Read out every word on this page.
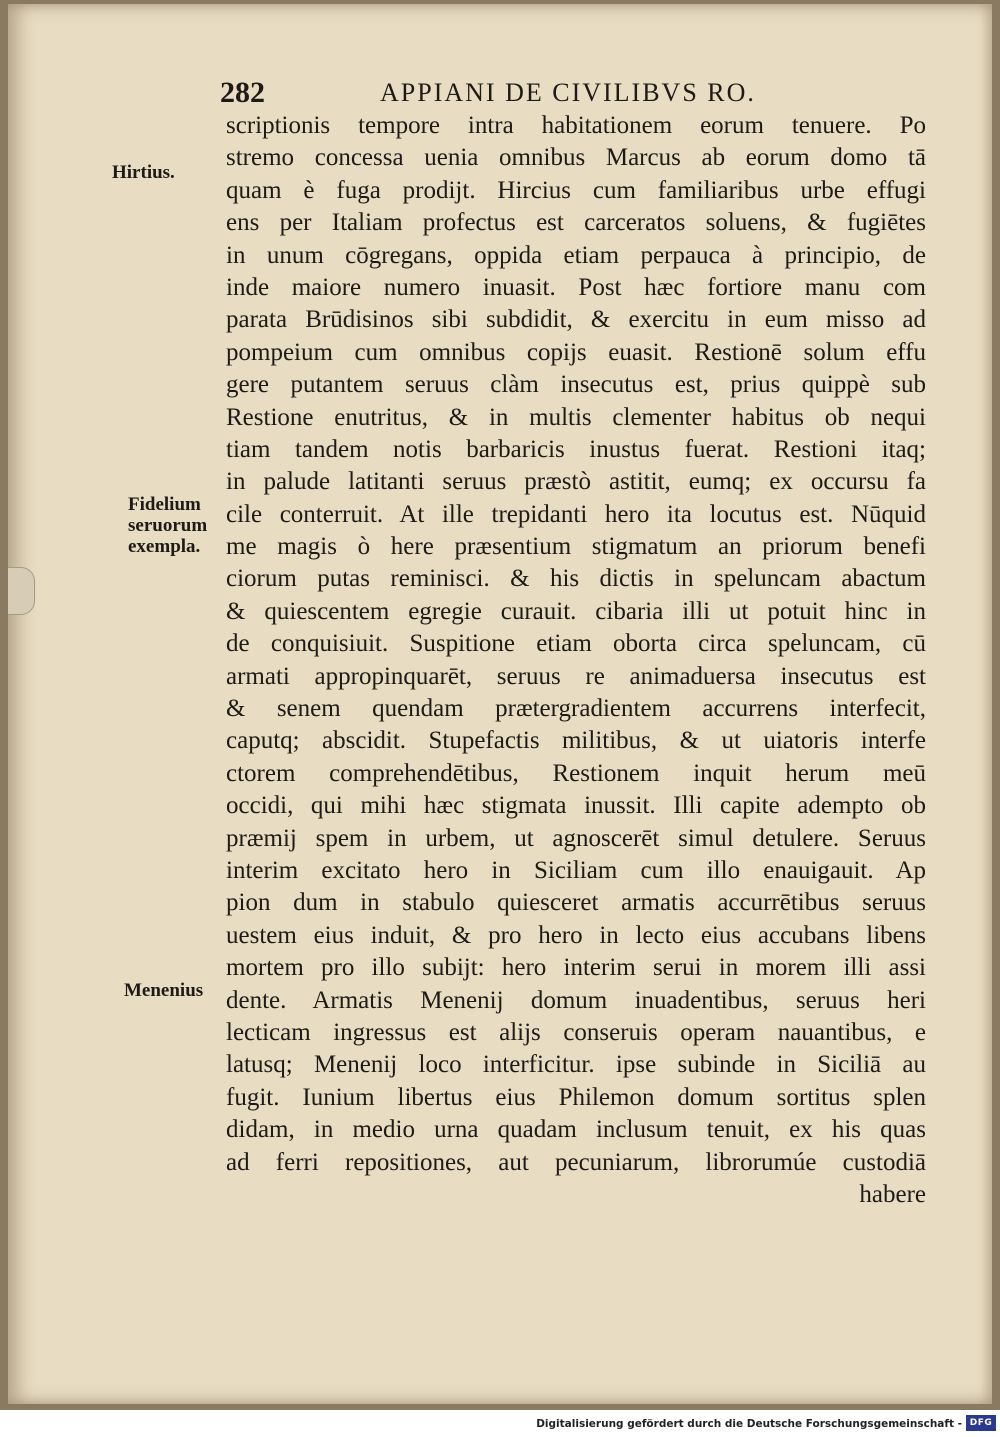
282	APPIANI DE CIVILIBVS RO.
Hirtius.
Fidelium
seruorum
exempla.
Menenius
scriptionis tempore intra habitationem eorum tenuere. Po
stremo concessa uenia omnibus Marcus ab eorum domo tā
quam è fuga prodijt. Hircius cum familiaribus urbe effugi
ens per Italiam profectus est carceratos soluens, & fugiētes
in unum cōgregans, oppida etiam perpauca à principio, de
inde maiore numero inuasit. Post hæc fortiore manu com
parata Brūdisinos sibi subdidit, & exercitu in eum misso ad
pompeium cum omnibus copijs euasit. Restionē solum effu
gere putantem seruus clàm insecutus est, prius quippè sub
Restione enutritus, & in multis clementer habitus ob nequi
tiam tandem notis barbaricis inustus fuerat. Restioni itaq;
in palude latitanti seruus præstò astitit, eumq; ex occursu fa
cile conterruit. At ille trepidanti hero ita locutus est. Nūquid
me magis ò here præsentium stigmatum an priorum benefi
ciorum putas reminisci. & his dictis in speluncam abactum
& quiescentem egregie curauit. cibaria illi ut potuit hinc in
de conquisiuit. Suspitione etiam oborta circa speluncam, cū
armati appropinquarēt, seruus re animaduersa insecutus est
& senem quendam prætergradientem accurrens interfecit,
caputq; abscidit. Stupefactis militibus, & ut uiatoris interfe
ctorem comprehendētibus, Restionem inquit herum meū
occidi, qui mihi hæc stigmata inussit. Illi capite adempto ob
præmij spem in urbem, ut agnoscerēt simul detulere. Seruus
interim excitato hero in Siciliam cum illo enauigauit. Ap
pion dum in stabulo quiesceret armatis accurrētibus seruus
uestem eius induit, & pro hero in lecto eius accubans libens
mortem pro illo subijt: hero interim serui in morem illi assi
dente. Armatis Menenij domum inuadentibus, seruus heri
lecticam ingressus est alijs conseruis operam nauantibus, e
latusq; Menenij loco interficitur. ipse subinde in Siciliā au
fugit. Iunium libertus eius Philemon domum sortitus splen
didam, in medio urna quadam inclusum tenuit, ex his quas
ad ferri repositiones, aut pecuniarum, librorumúe custodiā
habere
Digitalisierung gefördert durch die Deutsche Forschungsgemeinschaft - DFG
